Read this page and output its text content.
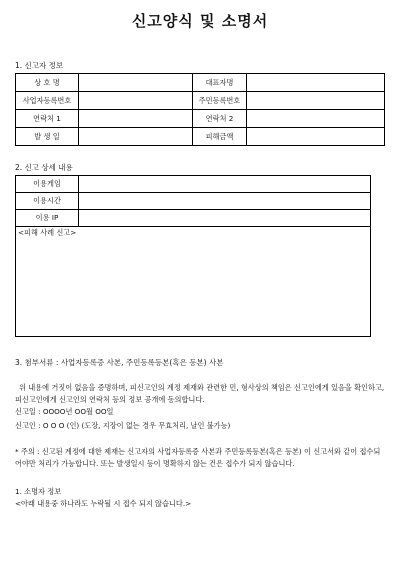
신고양식 및 소명서
1. 신고자 정보
상 호 명		대표자명	
사업자등록번호		주민등록번호	
연락처 1		연락처 2	
발 생 일		피해금액	
2. 신고 상세 내용
이용게임	
이용시간	
이용 IP	
<피해 사례 신고>	
3. 첨부서류 : 사업자등록증 사본, 주민등록등본(혹은 등본) 사본
위 내용에 거짓이 없음을 증명하며, 피신고인의 계정 제재와 관련한 민, 형사상의 책임은 신고인에게 있음을 확인하고, 피신고인에게 신고인의 연락처 등의 정보 공개에 동의합니다.
신고일 : OOOO년 OO월 OO일
신고인 : O O O (인) (도장, 지장이 없는 경우 무효처리, 날인 불가능)
* 주의 : 신고된 계정에 대한 제재는 신고자의 사업자등록증 사본과 주민등록등본(혹은 등본) 이 신고서와 같이 접수되어야만 처리가 가능합니다. 또는 발생일시 등이 명확하지 않는 건은 접수가 되지 않습니다.
1. 소명자 정보
<아래 내용중 하나라도 누락될 시 접수 되지 않습니다.>
